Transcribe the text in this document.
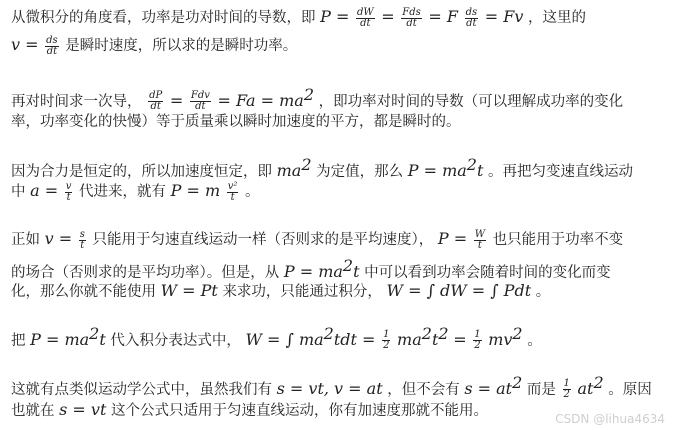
从微积分的角度看，功率是功对时间的导数，即 $P = \frac{dW}{dt} = \frac{\text{Fds}}{dt} = F \frac{ds}{dt} = Fv$ ，这里的
$v = \frac{ds}{dt}$ 是瞬时速度，所以求的是瞬时功率。
再对时间求一次导， $\frac{dP}{dt} = \frac{\text{Fdv}}{dt} = Fa = ma^2$ ，即功率对时间的导数（可以理解成功率的变化
率，功率变化的快慢）等于质量乘以瞬时加速度的平方，都是瞬时的。
因为合力是恒定的，所以加速度恒定，即 $ma^2$ 为定值，那么 $P = ma^2t$ 。再把匀变速直线运动
中 $a = \frac{v}{t}$ 代进来，就有 P = m $\frac{\text{v²}}{t}$ 。
正如 $v = \frac{s}{t}$ 只能用于匀速直线运动一样（否则求的是平均速度）， $P = \frac{W}{t}$ 也只能用于功率不变
的场合（否则求的是平均功率）。但是，从 $P = ma^2t$ 中可以看到功率会随着时间的变化而变
化，那么你就不能使用 W = Pt 来求功，只能通过积分， W = ∫ dW = ∫ Pdt 。
把 $P = ma^2t$ 代入积分表达式中， W = ∫ $ma^2tdt = \frac{1}{2} ma^2t^2 = \frac{1}{2} mv^2$ 。
这就有点类似运动学公式中，虽然我们有 s = vt, v = at ，但不会有 $s = at^2$ 而是 $\frac{1}{2} at^2$ 。原因
也就在 s = vt 这个公式只适用于匀速直线运动，你有加速度那就不能用。	CSDN @lihua4634
